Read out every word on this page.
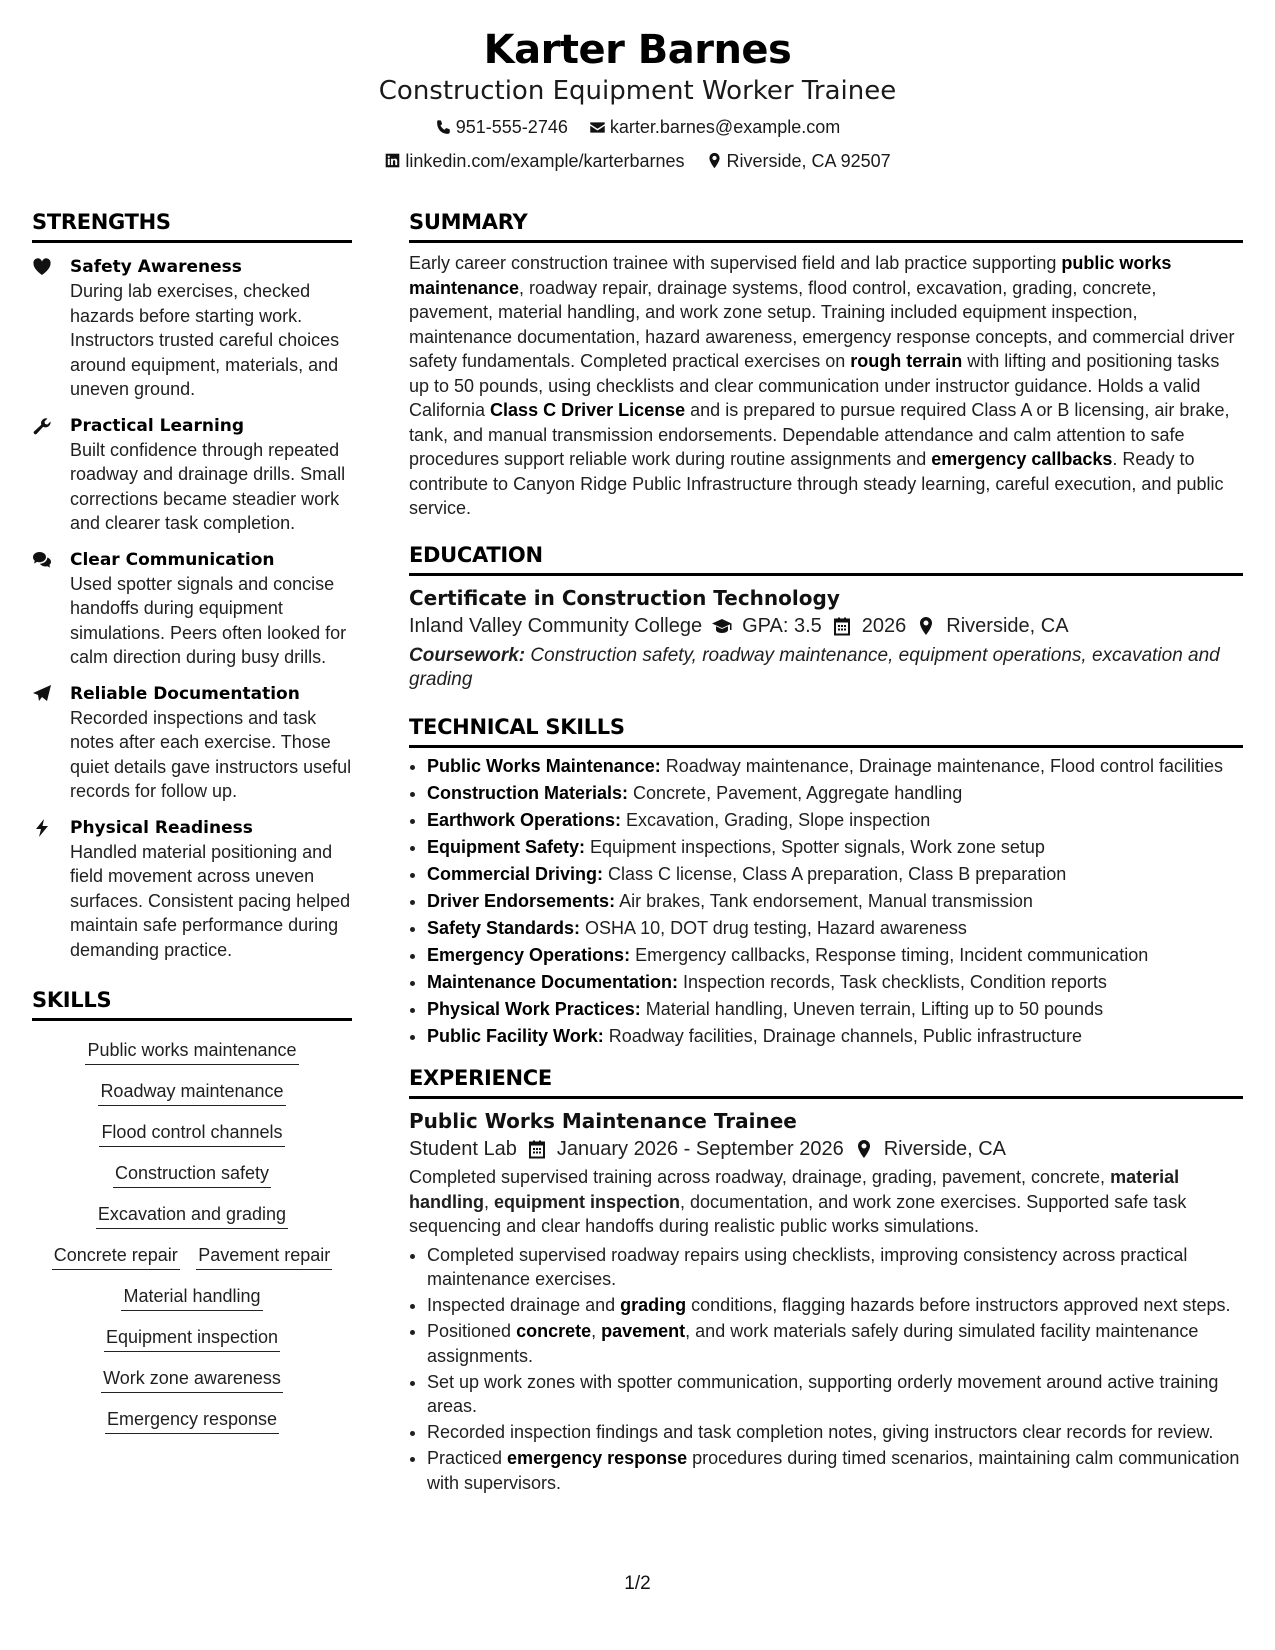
Karter Barnes
Construction Equipment Worker Trainee
951-555-2746
karter.barnes@example.com
linkedin.com/example/karterbarnes
Riverside, CA 92507
STRENGTHS
Safety Awareness
During lab exercises, checked hazards before starting work. Instructors trusted careful choices around equipment, materials, and uneven ground.
Practical Learning
Built confidence through repeated roadway and drainage drills. Small corrections became steadier work and clearer task completion.
Clear Communication
Used spotter signals and concise handoffs during equipment simulations. Peers often looked for calm direction during busy drills.
Reliable Documentation
Recorded inspections and task notes after each exercise. Those quiet details gave instructors useful records for follow up.
Physical Readiness
Handled material positioning and field movement across uneven surfaces. Consistent pacing helped maintain safe performance during demanding practice.
SKILLS
Public works maintenance
Roadway maintenance
Flood control channels
Construction safety
Excavation and grading
Concrete repair Pavement repair
Material handling
Equipment inspection
Work zone awareness
Emergency response
SUMMARY
Early career construction trainee with supervised field and lab practice supporting public works maintenance, roadway repair, drainage systems, flood control, excavation, grading, concrete, pavement, material handling, and work zone setup. Training included equipment inspection, maintenance documentation, hazard awareness, emergency response concepts, and commercial driver safety fundamentals. Completed practical exercises on rough terrain with lifting and positioning tasks up to 50 pounds, using checklists and clear communication under instructor guidance. Holds a valid California Class C Driver License and is prepared to pursue required Class A or B licensing, air brake, tank, and manual transmission endorsements. Dependable attendance and calm attention to safe procedures support reliable work during routine assignments and emergency callbacks. Ready to contribute to Canyon Ridge Public Infrastructure through steady learning, careful execution, and public service.
EDUCATION
Certificate in Construction Technology
Inland Valley Community College GPA: 3.5 2026 Riverside, CA
Coursework: Construction safety, roadway maintenance, equipment operations, excavation and grading
TECHNICAL SKILLS
• Public Works Maintenance: Roadway maintenance, Drainage maintenance, Flood control facilities
• Construction Materials: Concrete, Pavement, Aggregate handling
• Earthwork Operations: Excavation, Grading, Slope inspection
• Equipment Safety: Equipment inspections, Spotter signals, Work zone setup
• Commercial Driving: Class C license, Class A preparation, Class B preparation
• Driver Endorsements: Air brakes, Tank endorsement, Manual transmission
• Safety Standards: OSHA 10, DOT drug testing, Hazard awareness
• Emergency Operations: Emergency callbacks, Response timing, Incident communication
• Maintenance Documentation: Inspection records, Task checklists, Condition reports
• Physical Work Practices: Material handling, Uneven terrain, Lifting up to 50 pounds
• Public Facility Work: Roadway facilities, Drainage channels, Public infrastructure
EXPERIENCE
Public Works Maintenance Trainee
Student Lab January 2026 - September 2026 Riverside, CA
Completed supervised training across roadway, drainage, grading, pavement, concrete, material handling, equipment inspection, documentation, and work zone exercises. Supported safe task sequencing and clear handoffs during realistic public works simulations.
• Completed supervised roadway repairs using checklists, improving consistency across practical maintenance exercises.
• Inspected drainage and grading conditions, flagging hazards before instructors approved next steps.
• Positioned concrete, pavement, and work materials safely during simulated facility maintenance assignments.
• Set up work zones with spotter communication, supporting orderly movement around active training areas.
• Recorded inspection findings and task completion notes, giving instructors clear records for review.
• Practiced emergency response procedures during timed scenarios, maintaining calm communication with supervisors.
1/2
